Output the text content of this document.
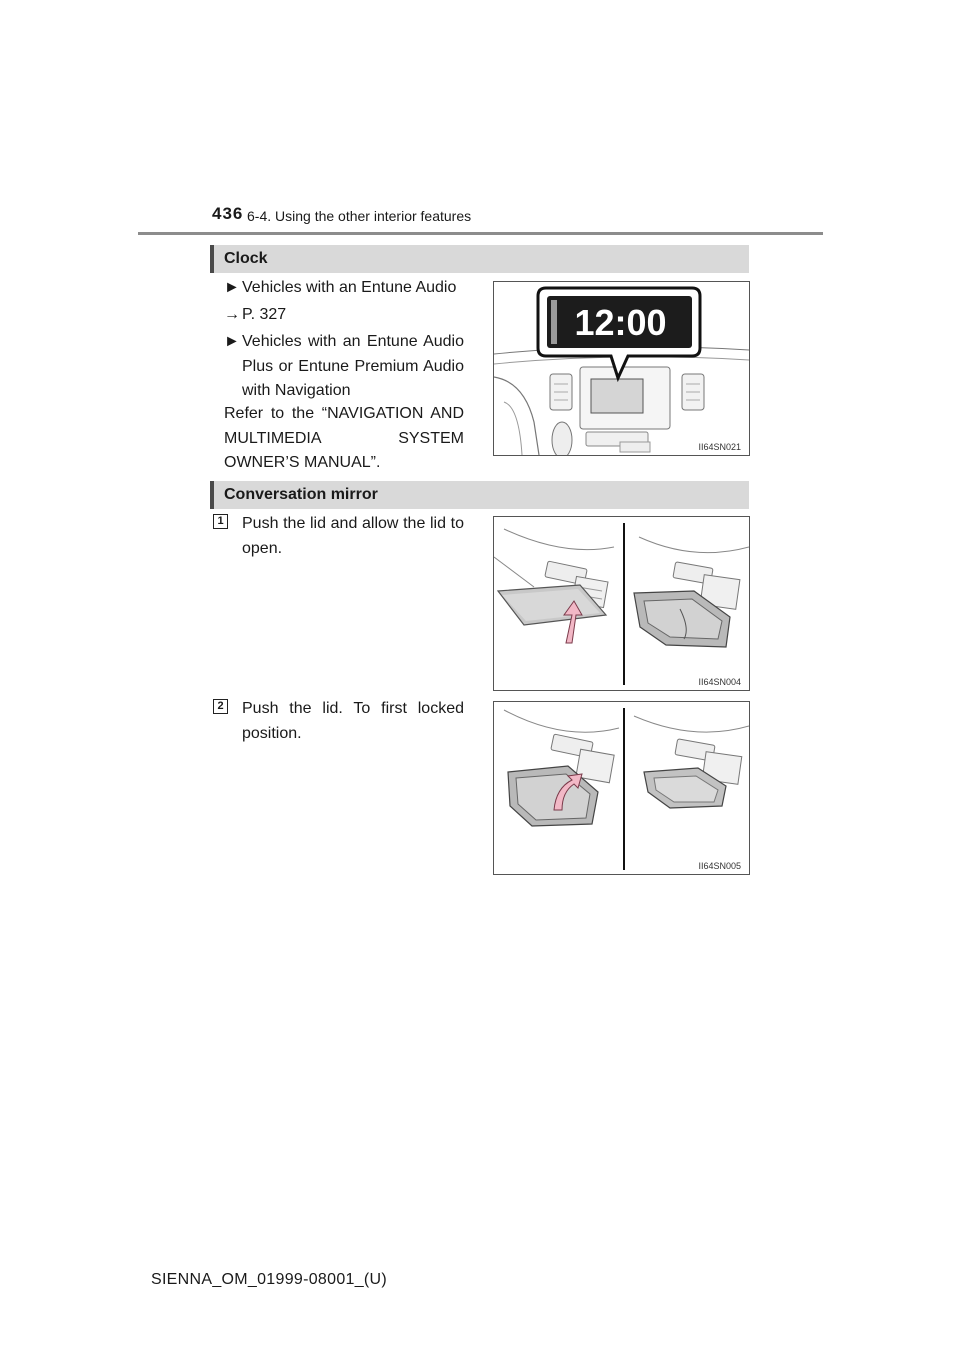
436 6-4. Using the other interior features
Clock
► Vehicles with an Entune Audio
→ P. 327
► Vehicles with an Entune Audio Plus or Entune Premium Audio with Navigation
Refer to the “NAVIGATION AND MULTIMEDIA SYSTEM OWNER’S MANUAL”.
12:00
II64SN021
Conversation mirror
1 Push the lid and allow the lid to open.
II64SN004
2 Push the lid. To first locked position.
II64SN005
SIENNA_OM_01999-08001_(U)
